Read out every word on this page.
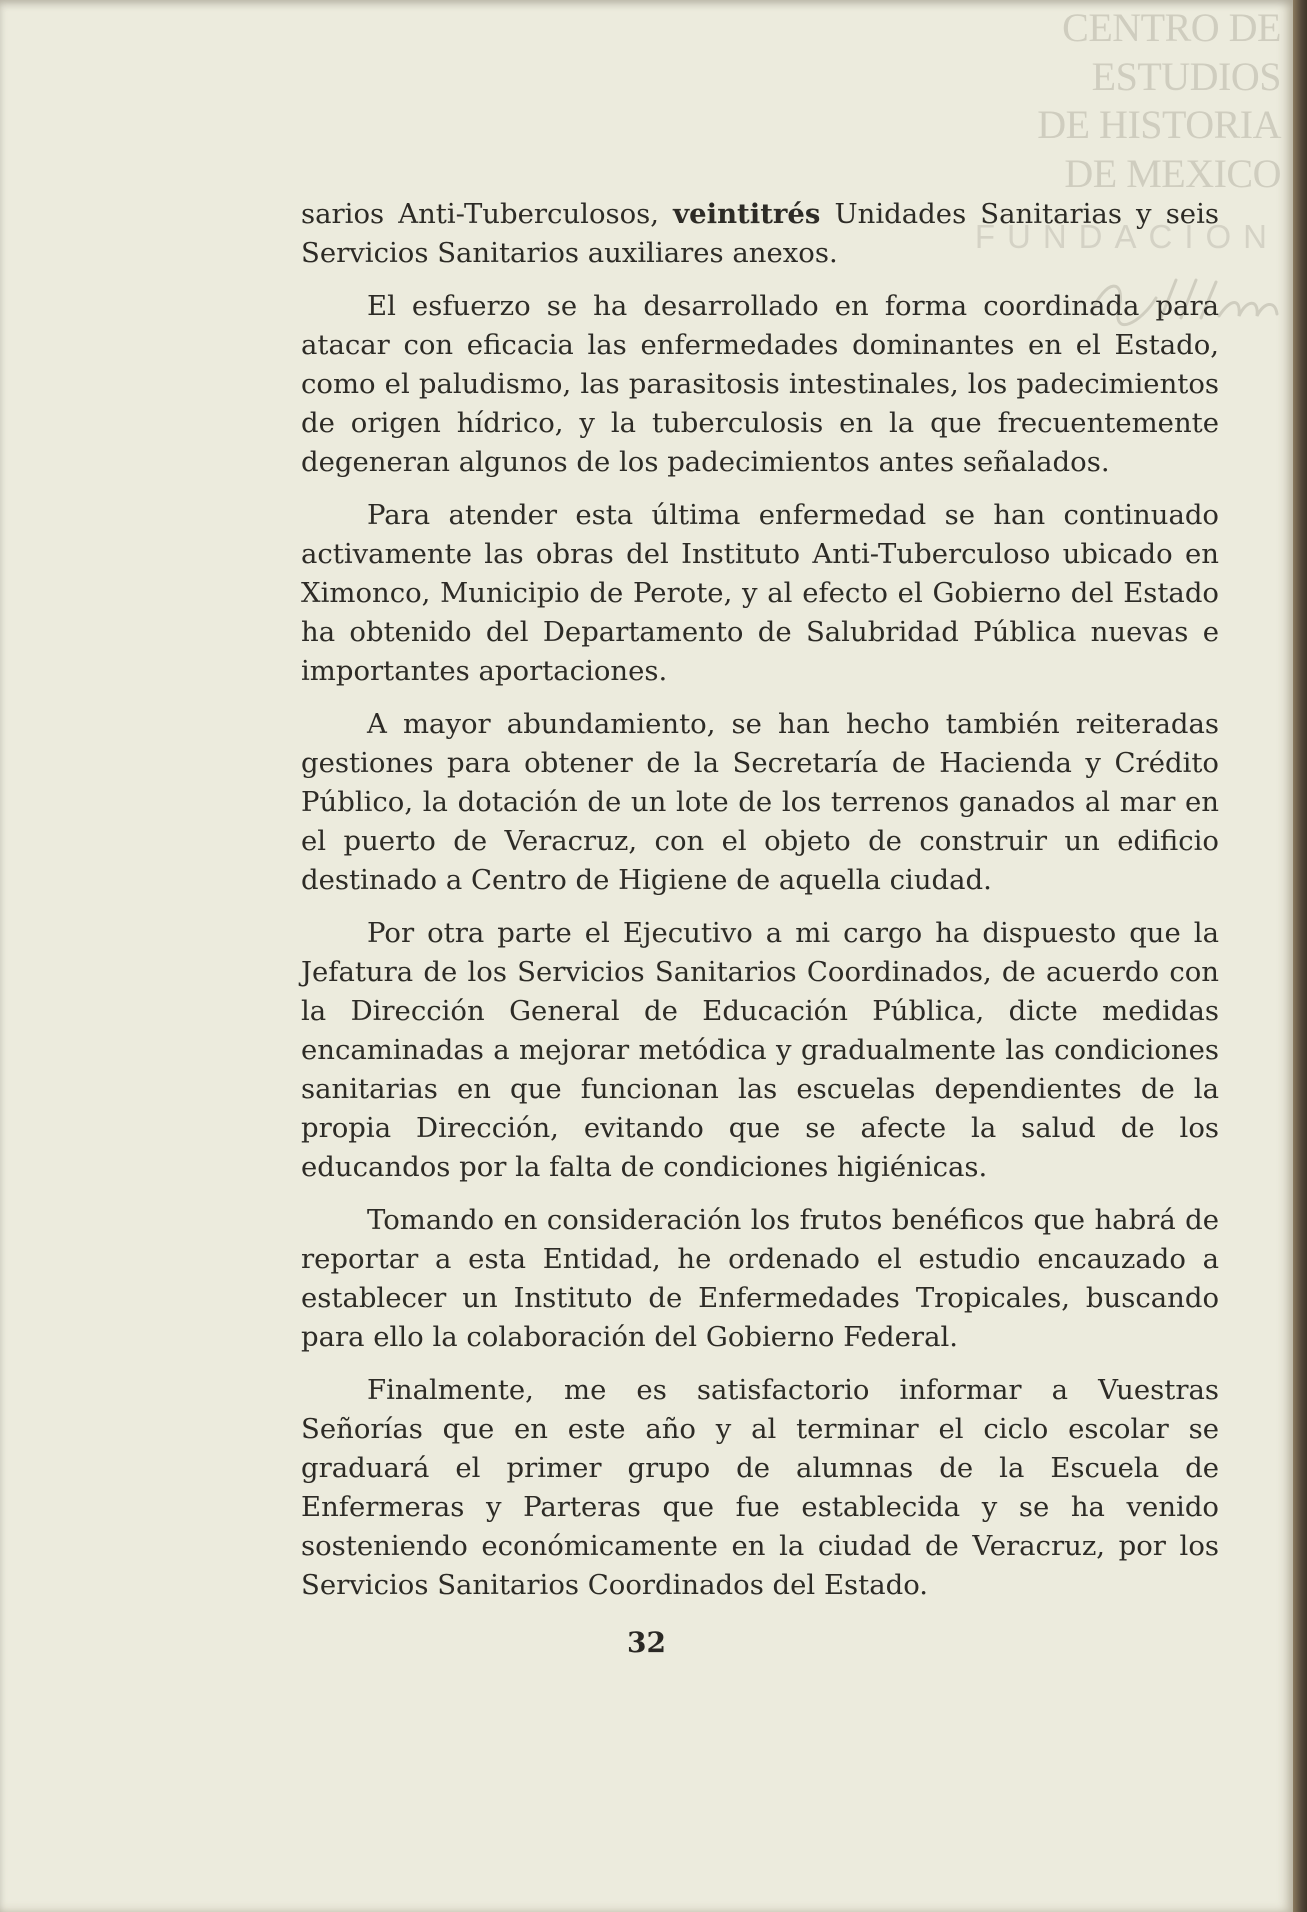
CENTRO DE
ESTUDIOS
DE HISTORIA
DE MEXICO
FUNDACION

sarios Anti-Tuberculosos, veintitrés Unidades Sanitarias y seis Servicios Sanitarios auxiliares anexos.

El esfuerzo se ha desarrollado en forma coordinada para atacar con eficacia las enfermedades dominantes en el Estado, como el paludismo, las parasitosis intestinales, los padecimientos de origen hídrico, y la tuberculosis en la que frecuentemente degeneran algunos de los padecimientos antes señalados.

Para atender esta última enfermedad se han continuado activamente las obras del Instituto Anti-Tuberculoso ubicado en Ximonco, Municipio de Perote, y al efecto el Gobierno del Estado ha obtenido del Departamento de Salubridad Pública nuevas e importantes aportaciones.

A mayor abundamiento, se han hecho también reiteradas gestiones para obtener de la Secretaría de Hacienda y Crédito Público, la dotación de un lote de los terrenos ganados al mar en el puerto de Veracruz, con el objeto de construir un edificio destinado a Centro de Higiene de aquella ciudad.

Por otra parte el Ejecutivo a mi cargo ha dispuesto que la Jefatura de los Servicios Sanitarios Coordinados, de acuerdo con la Dirección General de Educación Pública, dicte medidas encaminadas a mejorar metódica y gradualmente las condiciones sanitarias en que funcionan las escuelas dependientes de la propia Dirección, evitando que se afecte la salud de los educandos por la falta de condiciones higiénicas.

Tomando en consideración los frutos benéficos que habrá de reportar a esta Entidad, he ordenado el estudio encauzado a establecer un Instituto de Enfermedades Tropicales, buscando para ello la colaboración del Gobierno Federal.

Finalmente, me es satisfactorio informar a Vuestras Señorías que en este año y al terminar el ciclo escolar se graduará el primer grupo de alumnas de la Escuela de Enfermeras y Parteras que fue establecida y se ha venido sosteniendo económicamente en la ciudad de Veracruz, por los Servicios Sanitarios Coordinados del Estado.

32
